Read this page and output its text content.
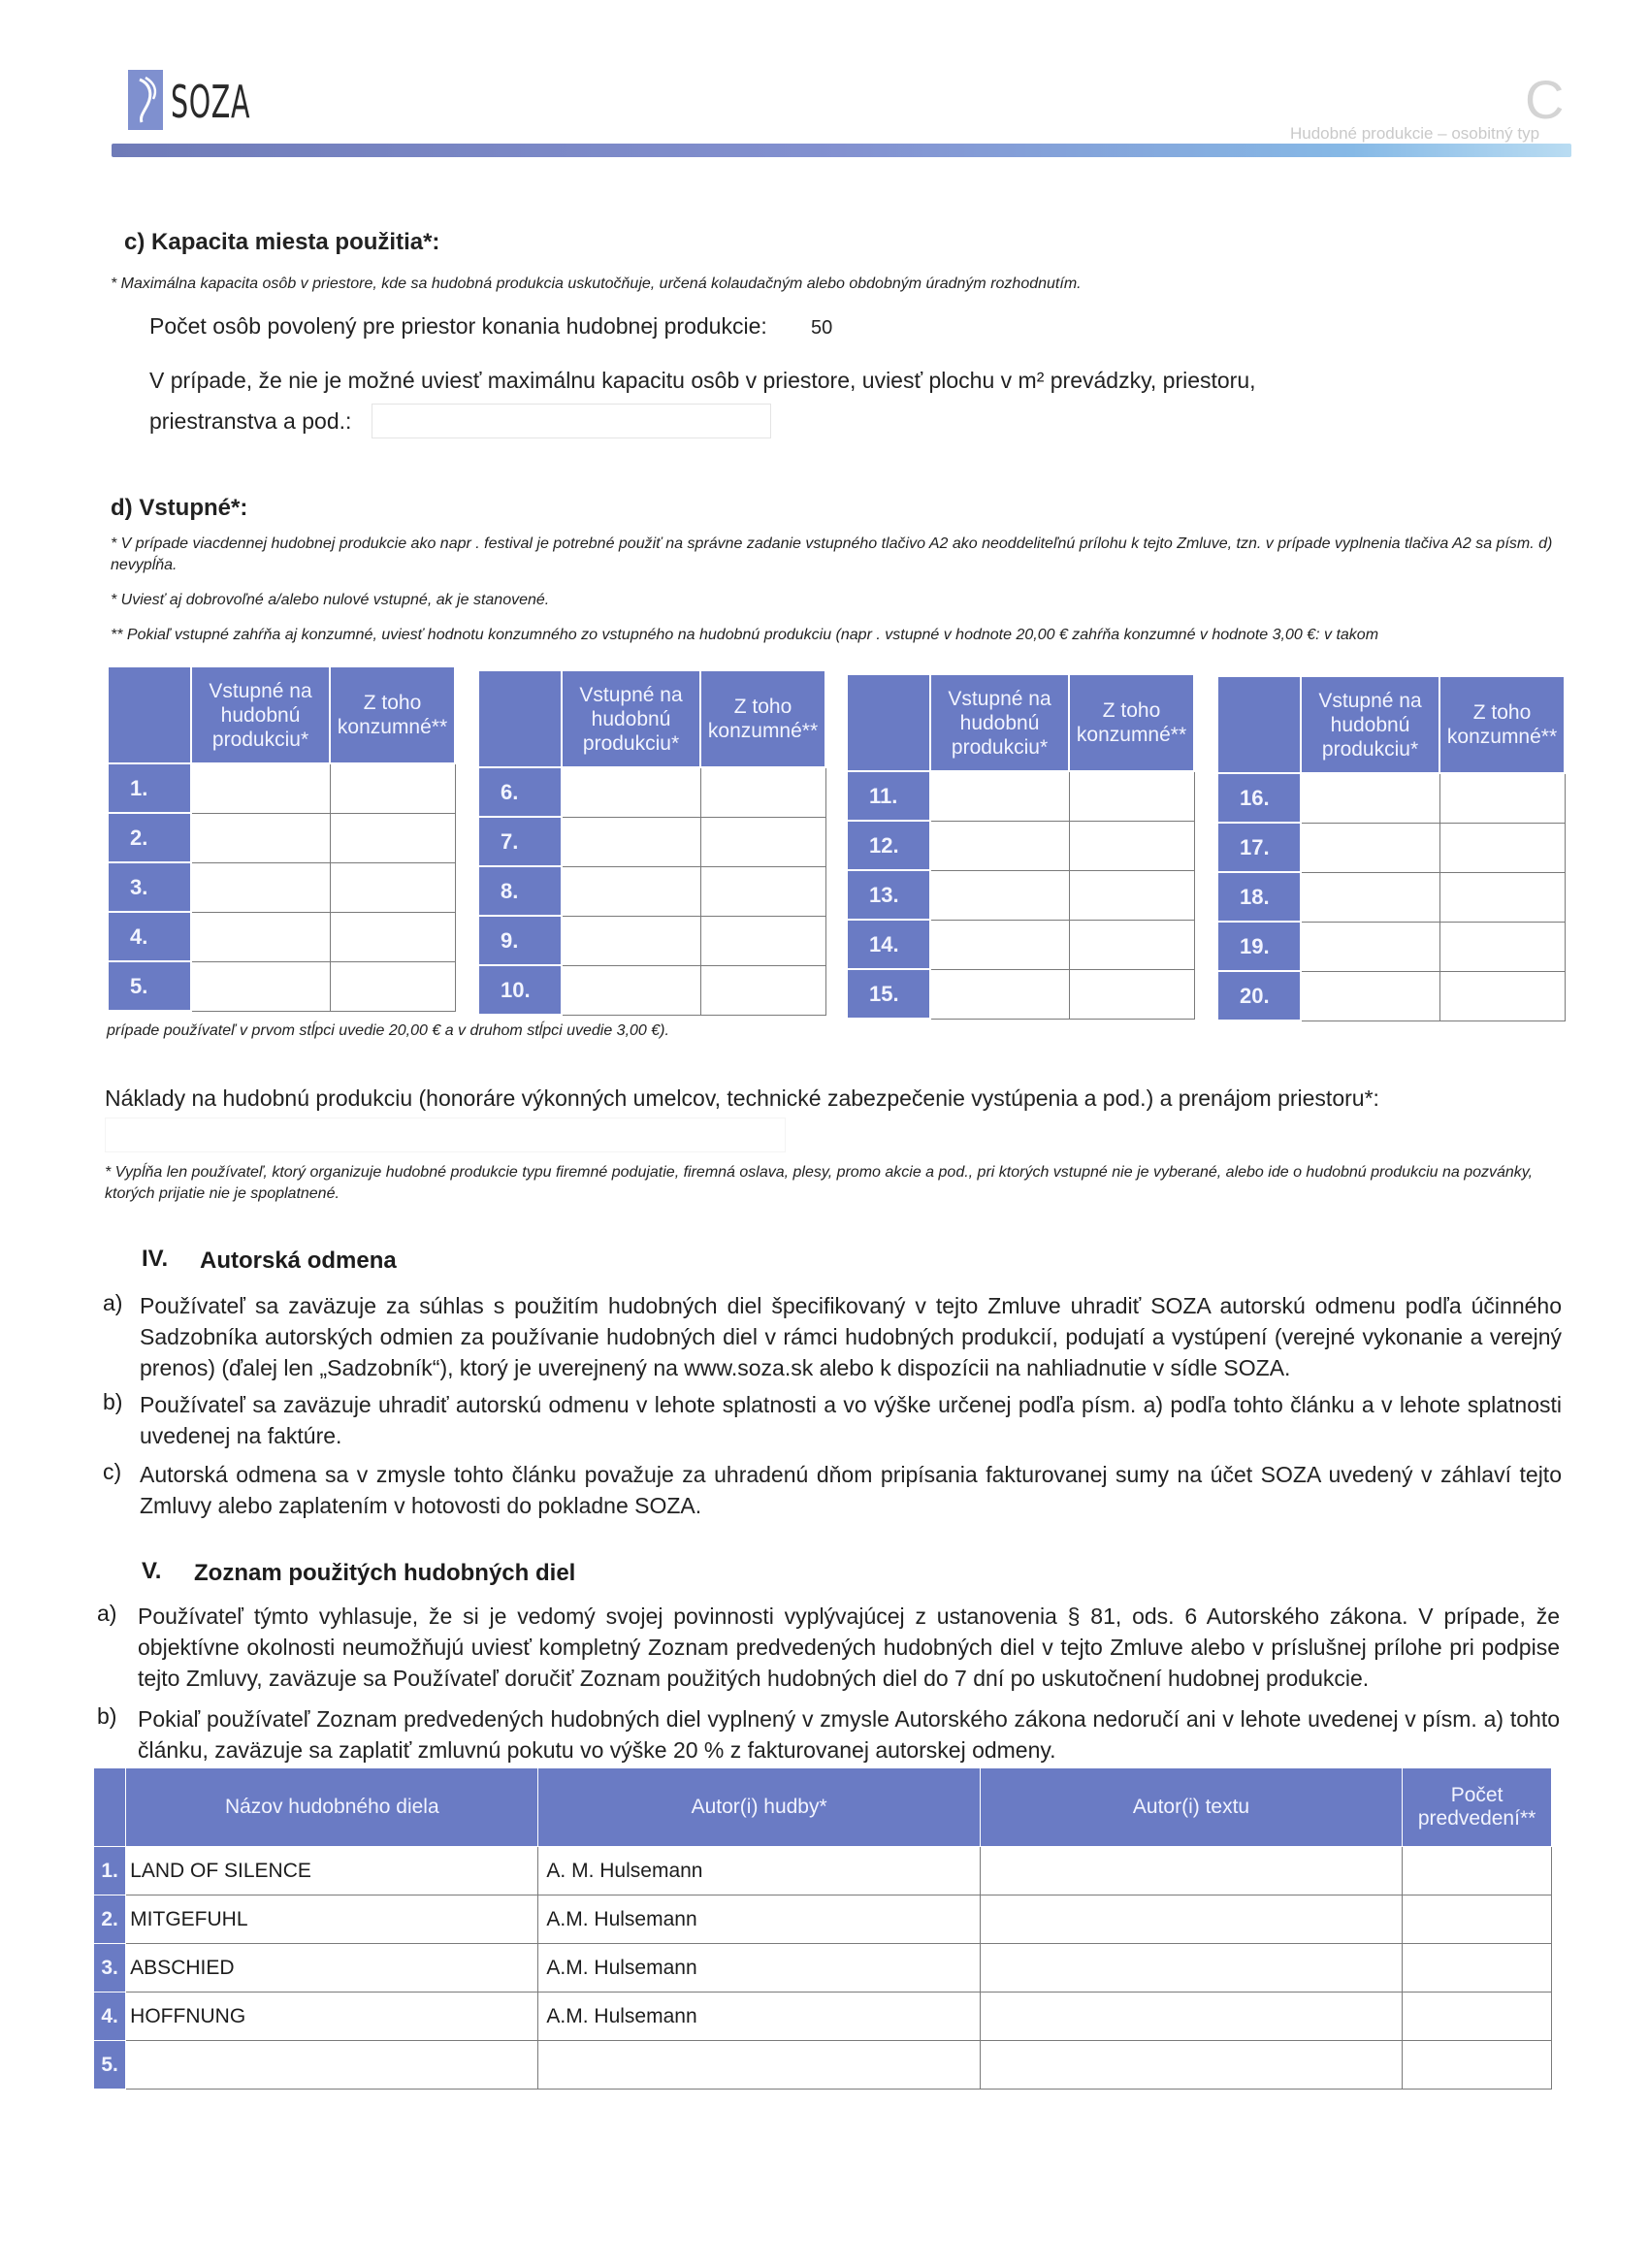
SOZA	C
Hudobné produkcie – osobitný typ
c) Kapacita miesta použitia*:
* Maximálna kapacita osôb v priestore, kde sa hudobná produkcia uskutočňuje, určená kolaudačným alebo obdobným úradným rozhodnutím.
Počet osôb povolený pre priestor konania hudobnej produkcie: 50
V prípade, že nie je možné uviesť maximálnu kapacitu osôb v priestore, uviesť plochu v m² prevádzky, priestoru,
priestranstva a pod.:
d) Vstupné*:
* V prípade viacdennej hudobnej produkcie ako napr . festival je potrebné použiť na správne zadanie vstupného tlačivo A2 ako neoddeliteľnú prílohu k tejto Zmluve, tzn. v prípade vyplnenia tlačiva A2 sa písm. d) nevypĺňa.
* Uviesť aj dobrovoľné a/alebo nulové vstupné, ak je stanovené.
** Pokiaľ vstupné zahŕňa aj konzumné, uviesť hodnotu konzumného zo vstupného na hudobnú produkciu (napr . vstupné v hodnote 20,00 € zahŕňa konzumné v hodnote 3,00 €: v takom
	Vstupné na hudobnú produkciu*	Z toho konzumné**
1.		
2.		
3.		
4.		
5.		
	Vstupné na hudobnú produkciu*	Z toho konzumné**
6.		
7.		
8.		
9.		
10.		
	Vstupné na hudobnú produkciu*	Z toho konzumné**
11.		
12.		
13.		
14.		
15.		
	Vstupné na hudobnú produkciu*	Z toho konzumné**
16.		
17.		
18.		
19.		
20.		
prípade používateľ v prvom stĺpci uvedie 20,00 € a v druhom stĺpci uvedie 3,00 €).
Náklady na hudobnú produkciu (honoráre výkonných umelcov, technické zabezpečenie vystúpenia a pod.) a prenájom priestoru*:
* Vypĺňa len používateľ, ktorý organizuje hudobné produkcie typu firemné podujatie, firemná oslava, plesy, promo akcie a pod., pri ktorých vstupné nie je vyberané, alebo ide o hudobnú produkciu na pozvánky, ktorých prijatie nie je spoplatnené.
IV. Autorská odmena
a) Používateľ sa zaväzuje za súhlas s použitím hudobných diel špecifikovaný v tejto Zmluve uhradiť SOZA autorskú odmenu podľa účinného Sadzobníka autorských odmien za používanie hudobných diel v rámci hudobných produkcií, podujatí a vystúpení (verejné vykonanie a verejný prenos) (ďalej len „Sadzobník“), ktorý je uverejnený na www.soza.sk alebo k dispozícii na nahliadnutie v sídle SOZA.
b) Používateľ sa zaväzuje uhradiť autorskú odmenu v lehote splatnosti a vo výške určenej podľa písm. a) podľa tohto článku a v lehote splatnosti uvedenej na faktúre.
c) Autorská odmena sa v zmysle tohto článku považuje za uhradenú dňom pripísania fakturovanej sumy na účet SOZA uvedený v záhlaví tejto Zmluvy alebo zaplatením v hotovosti do pokladne SOZA.
V. Zoznam použitých hudobných diel
a) Používateľ týmto vyhlasuje, že si je vedomý svojej povinnosti vyplývajúcej z ustanovenia § 81, ods. 6 Autorského zákona. V prípade, že objektívne okolnosti neumožňujú uviesť kompletný Zoznam predvedených hudobných diel v tejto Zmluve alebo v príslušnej prílohe pri podpise tejto Zmluvy, zaväzuje sa Používateľ doručiť Zoznam použitých hudobných diel do 7 dní po uskutočnení hudobnej produkcie.
b) Pokiaľ používateľ Zoznam predvedených hudobných diel vyplnený v zmysle Autorského zákona nedoručí ani v lehote uvedenej v písm. a) tohto článku, zaväzuje sa zaplatiť zmluvnú pokutu vo výške 20 % z fakturovanej autorskej odmeny.
	Názov hudobného diela	Autor(i) hudby*	Autor(i) textu	Počet predvedení**
1.	LAND OF SILENCE	A. M. Hulsemann		
2.	MITGEFUHL	A.M. Hulsemann		
3.	ABSCHIED	A.M. Hulsemann		
4.	HOFFNUNG	A.M. Hulsemann		
5.				
